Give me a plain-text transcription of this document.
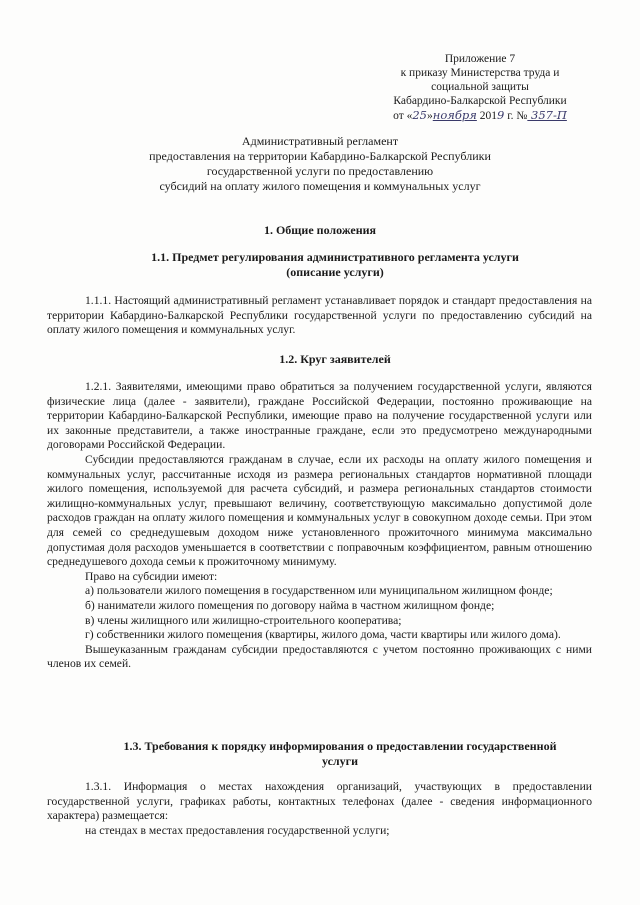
Приложение 7
к приказу Министерства труда и
социальной защиты
Кабардино-Балкарской Республики
от «25»ноября 2019 г. № 357-П
Административный регламент
предоставления на территории Кабардино-Балкарской Республики
государственной услуги по предоставлению
субсидий на оплату жилого помещения и коммунальных услуг
1. Общие положения
1.1. Предмет регулирования административного регламента услуги
(описание услуги)

1.1.1. Настоящий административный регламент устанавливает порядок и стандарт предоставления на территории Кабардино-Балкарской Республики государственной услуги по предоставлению субсидий на оплату жилого помещения и коммунальных услуг.

1.2. Круг заявителей

1.2.1. Заявителями, имеющими право обратиться за получением государственной услуги, являются физические лица (далее - заявители), граждане Российской Федерации, постоянно проживающие на территории Кабардино-Балкарской Республики, имеющие право на получение государственной услуги или их законные представители, а также иностранные граждане, если это предусмотрено международными договорами Российской Федерации.

Субсидии предоставляются гражданам в случае, если их расходы на оплату жилого помещения и коммунальных услуг, рассчитанные исходя из размера региональных стандартов нормативной площади жилого помещения, используемой для расчета субсидий, и размера региональных стандартов стоимости жилищно-коммунальных услуг, превышают величину, соответствующую максимально допустимой доле расходов граждан на оплату жилого помещения и коммунальных услуг в совокупном доходе семьи. При этом для семей со среднедушевым доходом ниже установленного прожиточного минимума максимально допустимая доля расходов уменьшается в соответствии с поправочным коэффициентом, равным отношению среднедушевого дохода семьи к прожиточному минимуму.

Право на субсидии имеют:

а) пользователи жилого помещения в государственном или муниципальном жилищном фонде;

б) наниматели жилого помещения по договору найма в частном жилищном фонде;

в) члены жилищного или жилищно-строительного кооператива;

г) собственники жилого помещения (квартиры, жилого дома, части квартиры или жилого дома).

Вышеуказанным гражданам субсидии предоставляются с учетом постоянно проживающих с ними членов их семей.

1.3. Требования к порядку информирования о предоставлении государственной
услуги

1.3.1. Информация о местах нахождения организаций, участвующих в предоставлении государственной услуги, графиках работы, контактных телефонах (далее - сведения информационного характера) размещается:

на стендах в местах предоставления государственной услуги;
